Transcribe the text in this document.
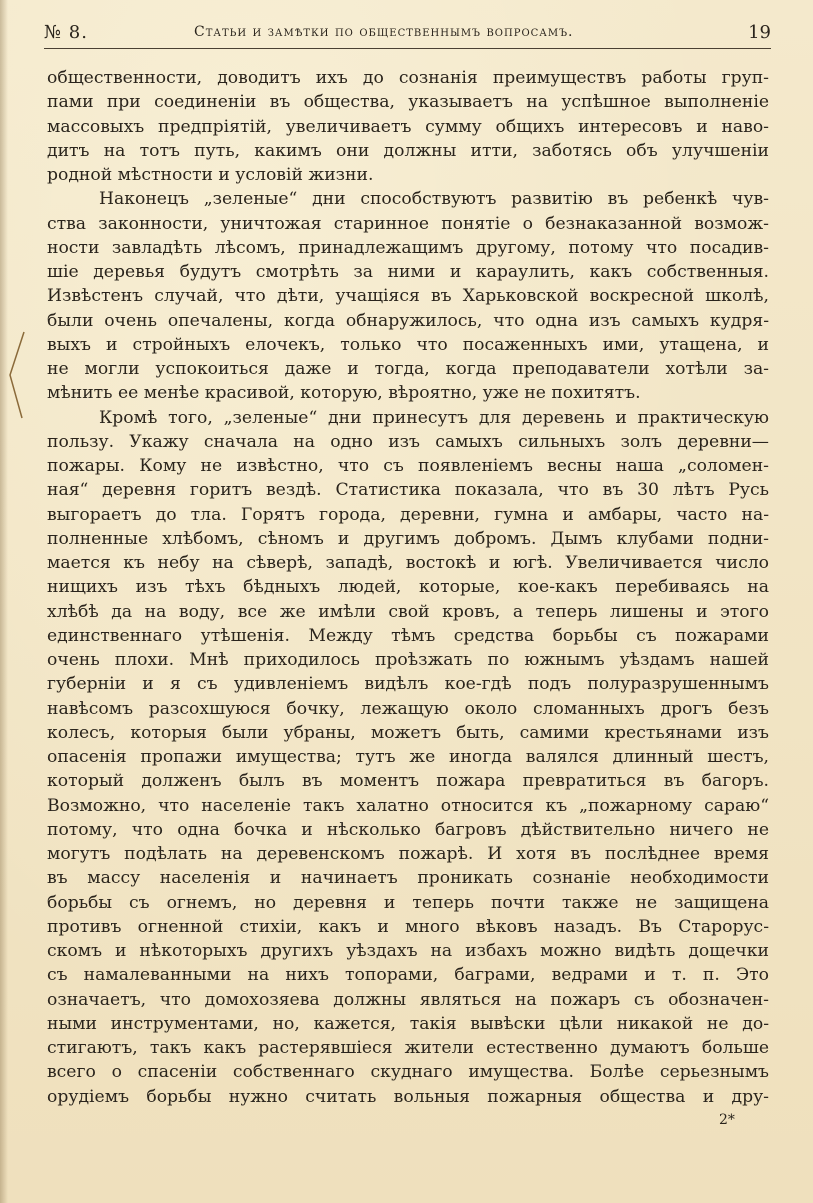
№ 8.	Статьи и замѣтки по общественнымъ вопросамъ.	19
общественности, доводитъ ихъ до сознанія преимуществъ работы груп-
пами при соединеніи въ общества, указываетъ на успѣшное выполненіе
массовыхъ предпріятій, увеличиваетъ сумму общихъ интересовъ и наво-
дитъ на тотъ путь, какимъ они должны итти, заботясь объ улучшеніи
родной мѣстности и условій жизни.
Наконецъ „зеленые“ дни способствуютъ развитію въ ребенкѣ чув-
ства законности, уничтожая старинное понятіе о безнаказанной возмож-
ности завладѣть лѣсомъ, принадлежащимъ другому, потому что посадив-
шіе деревья будутъ смотрѣть за ними и караулить, какъ собственныя.
Извѣстенъ случай, что дѣти, учащіяся въ Харьковской воскресной школѣ,
были очень опечалены, когда обнаружилось, что одна изъ самыхъ кудря-
выхъ и стройныхъ елочекъ, только что посаженныхъ ими, утащена, и
не могли успокоиться даже и тогда, когда преподаватели хотѣли за-
мѣнить ее менѣе красивой, которую, вѣроятно, уже не похитятъ.
Кромѣ того, „зеленые“ дни принесутъ для деревень и практическую
пользу. Укажу сначала на одно изъ самыхъ сильныхъ золъ деревни—
пожары. Кому не извѣстно, что съ появленіемъ весны наша „соломен-
ная“ деревня горитъ вездѣ. Статистика показала, что въ 30 лѣтъ Русь
выгораетъ до тла. Горятъ города, деревни, гумна и амбары, часто на-
полненные хлѣбомъ, сѣномъ и другимъ добромъ. Дымъ клубами подни-
мается къ небу на сѣверѣ, западѣ, востокѣ и югѣ. Увеличивается число
нищихъ изъ тѣхъ бѣдныхъ людей, которые, кое-какъ перебиваясь на
хлѣбѣ да на воду, все же имѣли свой кровъ, а теперь лишены и этого
единственнаго утѣшенія. Между тѣмъ средства борьбы съ пожарами
очень плохи. Мнѣ приходилось проѣзжать по южнымъ уѣздамъ нашей
губерніи и я съ удивленіемъ видѣлъ кое-гдѣ подъ полуразрушеннымъ
навѣсомъ разсохшуюся бочку, лежащую около сломанныхъ дрогъ безъ
колесъ, которыя были убраны, можетъ быть, самими крестьянами изъ
опасенія пропажи имущества; тутъ же иногда валялся длинный шестъ,
который долженъ былъ въ моментъ пожара превратиться въ багоръ.
Возможно, что населеніе такъ халатно относится къ „пожарному сараю“
потому, что одна бочка и нѣсколько багровъ дѣйствительно ничего не
могутъ подѣлать на деревенскомъ пожарѣ. И хотя въ послѣднее время
въ массу населенія и начинаетъ проникать сознаніе необходимости
борьбы съ огнемъ, но деревня и теперь почти также не защищена
противъ огненной стихіи, какъ и много вѣковъ назадъ. Въ Старорус-
скомъ и нѣкоторыхъ другихъ уѣздахъ на избахъ можно видѣть дощечки
съ намалеванными на нихъ топорами, баграми, ведрами и т. п. Это
означаетъ, что домохозяева должны являться на пожаръ съ обозначен-
ными инструментами, но, кажется, такія вывѣски цѣли никакой не до-
стигаютъ, такъ какъ растерявшіеся жители естественно думаютъ больше
всего о спасеніи собственнаго скуднаго имущества. Болѣе серьезнымъ
орудіемъ борьбы нужно считать вольныя пожарныя общества и дру-
2*
